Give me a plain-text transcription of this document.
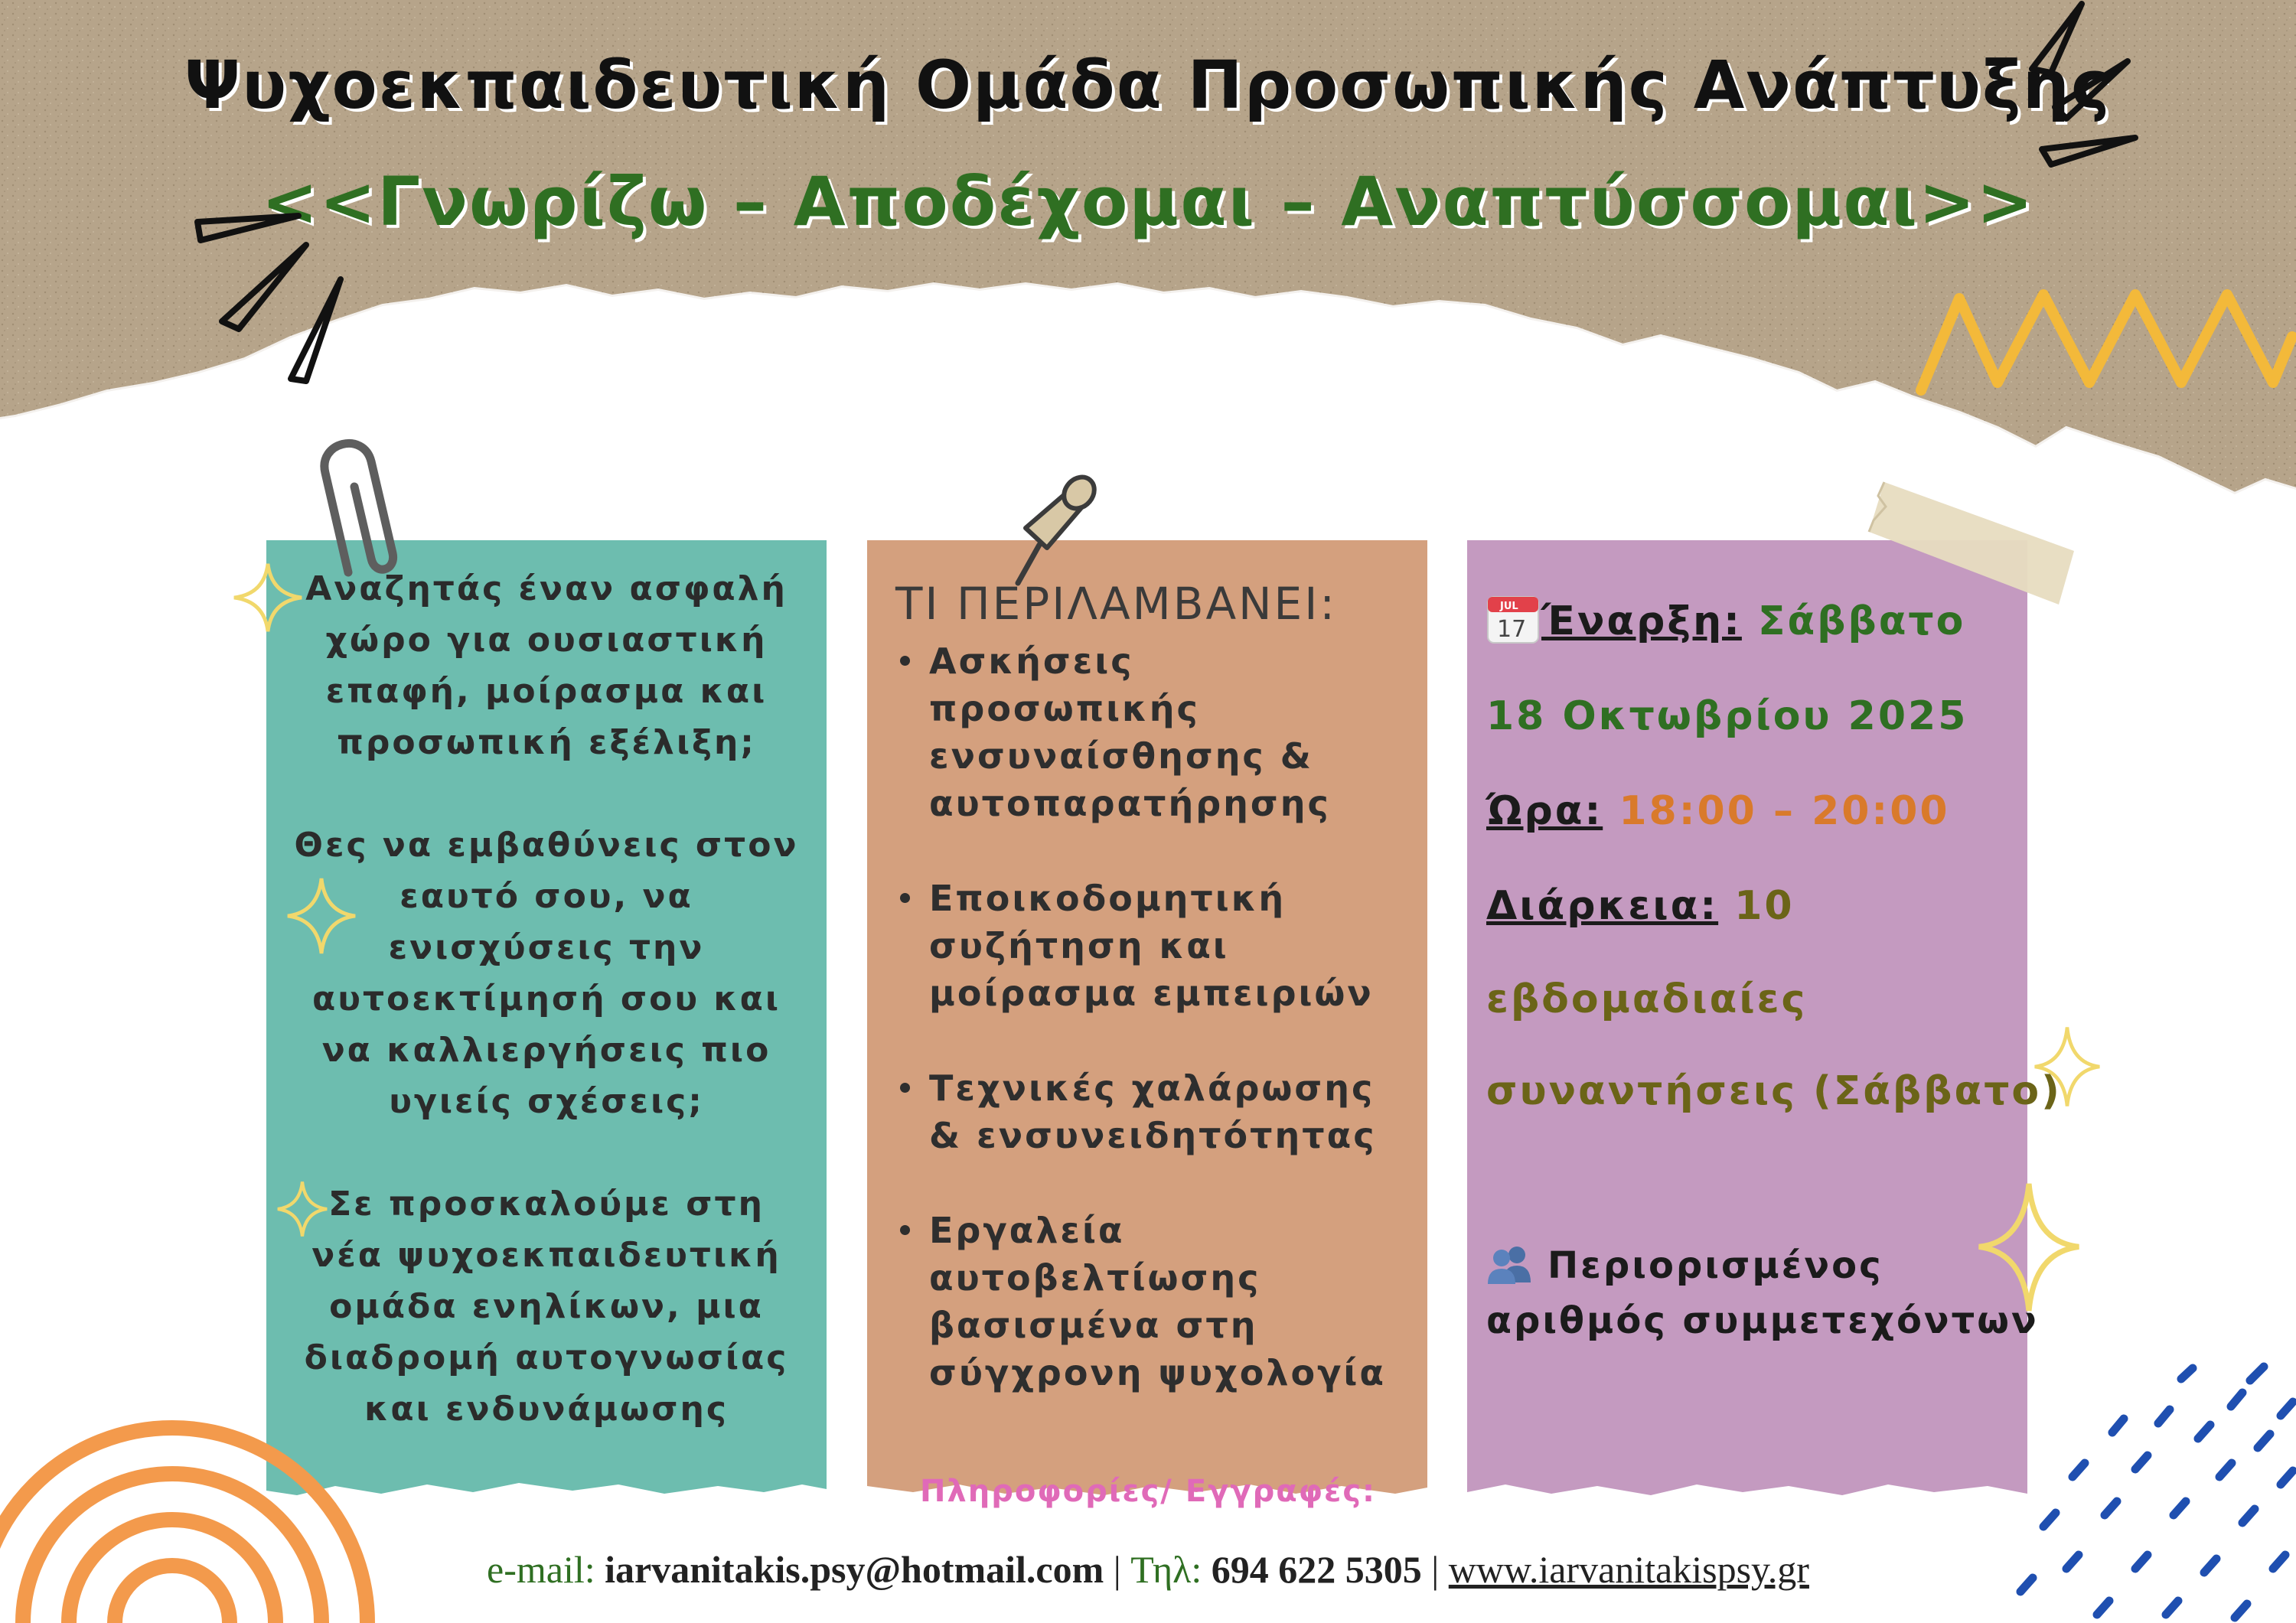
Ψυχοεκπαιδευτική Ομάδα Προσωπικής Ανάπτυξης
<<Γνωρίζω – Αποδέχομαι – Αναπτύσσομαι>>

Αναζητάς έναν ασφαλή
χώρο για ουσιαστική
επαφή, μοίρασμα και
προσωπική εξέλιξη;

Θες να εμβαθύνεις στον
εαυτό σου, να
ενισχύσεις την
αυτοεκτίμησή σου και
να καλλιεργήσεις πιο
υγιείς σχέσεις;

Σε προσκαλούμε στη
νέα ψυχοεκπαιδευτική
ομάδα ενηλίκων, μια
διαδρομή αυτογνωσίας
και ενδυνάμωσης

ΤΙ ΠΕΡΙΛΑΜΒΑΝΕΙ:
Ασκήσεις
προσωπικής
ενσυναίσθησης &
αυτοπαρατήρησης
Εποικοδομητική
συζήτηση και
μοίρασμα εμπειριών
Τεχνικές χαλάρωσης
& ενσυνειδητότητας
Εργαλεία
αυτοβελτίωσης
βασισμένα στη
σύγχρονη ψυχολογία
JUL
17 Έναρξη: Σάββατο
18 Οκτωβρίου 2025
Ώρα: 18:00 – 20:00
Διάρκεια: 10
εβδομαδιαίες
συναντήσεις (Σάββατο)
Περιορισμένος
αριθμός συμμετεχόντων
Πληροφορίες/ Εγγραφές:
e-mail: iarvanitakis.psy@hotmail.com | Τηλ: 694 622 5305 | www.iarvanitakispsy.gr
